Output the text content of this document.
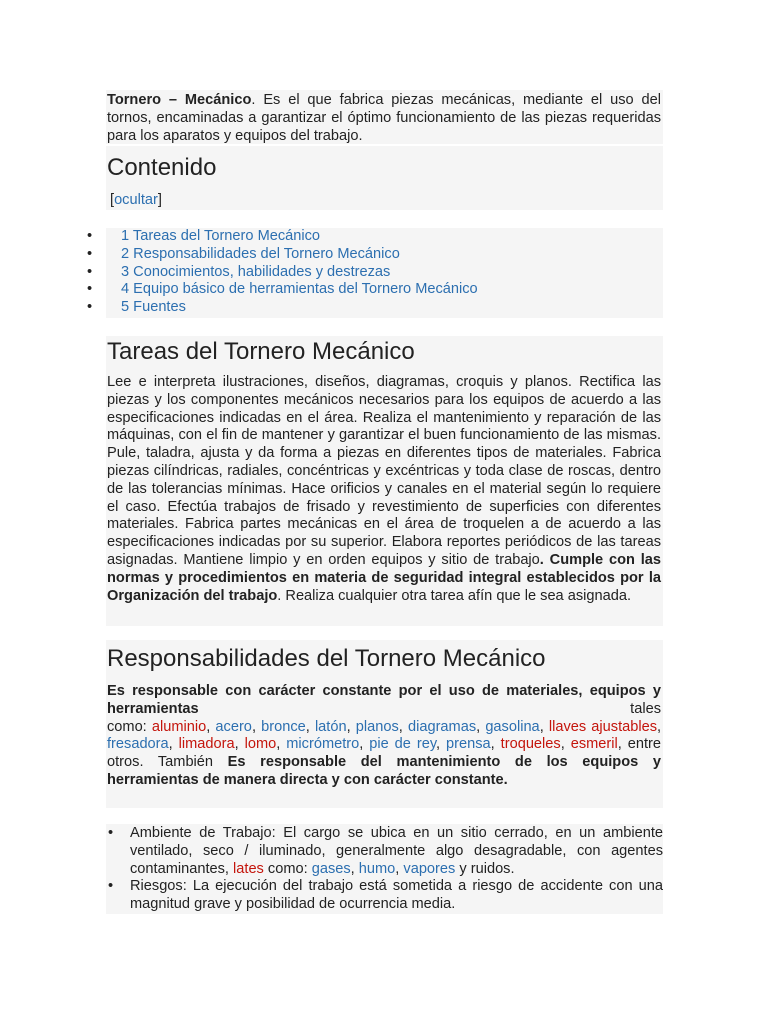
Tornero – Mecánico. Es el que fabrica piezas mecánicas, mediante el uso del tornos, encaminadas a garantizar el óptimo funcionamiento de las piezas requeridas para los aparatos y equipos del trabajo.
Contenido
[ocultar]
• 1 Tareas del Tornero Mecánico
• 2 Responsabilidades del Tornero Mecánico
• 3 Conocimientos, habilidades y destrezas
• 4 Equipo básico de herramientas del Tornero Mecánico
• 5 Fuentes
Tareas del Tornero Mecánico
Lee e interpreta ilustraciones, diseños, diagramas, croquis y planos. Rectifica las piezas y los componentes mecánicos necesarios para los equipos de acuerdo a las especificaciones indicadas en el área. Realiza el mantenimiento y reparación de las máquinas, con el fin de mantener y garantizar el buen funcionamiento de las mismas. Pule, taladra, ajusta y da forma a piezas en diferentes tipos de materiales. Fabrica piezas cilíndricas, radiales, concéntricas y excéntricas y toda clase de roscas, dentro de las tolerancias mínimas. Hace orificios y canales en el material según lo requiere el caso. Efectúa trabajos de frisado y revestimiento de superficies con diferentes materiales. Fabrica partes mecánicas en el área de troquelen a de acuerdo a las especificaciones indicadas por su superior. Elabora reportes periódicos de las tareas asignadas. Mantiene limpio y en orden equipos y sitio de trabajo. Cumple con las normas y procedimientos en materia de seguridad integral establecidos por la Organización del trabajo. Realiza cualquier otra tarea afín que le sea asignada.
Responsabilidades del Tornero Mecánico
Es responsable con carácter constante por el uso de materiales, equipos y herramientas	tales
como: aluminio, acero, bronce, latón, planos, diagramas, gasolina, llaves ajustables, fresadora, limadora, lomo, micrómetro, pie de rey, prensa, troqueles, esmeril, entre otros. También Es responsable del mantenimiento de los equipos y herramientas de manera directa y con carácter constante.
• Ambiente de Trabajo: El cargo se ubica en un sitio cerrado, en un ambiente ventilado, seco / iluminado, generalmente algo desagradable, con agentes contaminantes, lates como: gases, humo, vapores y ruidos.
• Riesgos: La ejecución del trabajo está sometida a riesgo de accidente con una magnitud grave y posibilidad de ocurrencia media.
